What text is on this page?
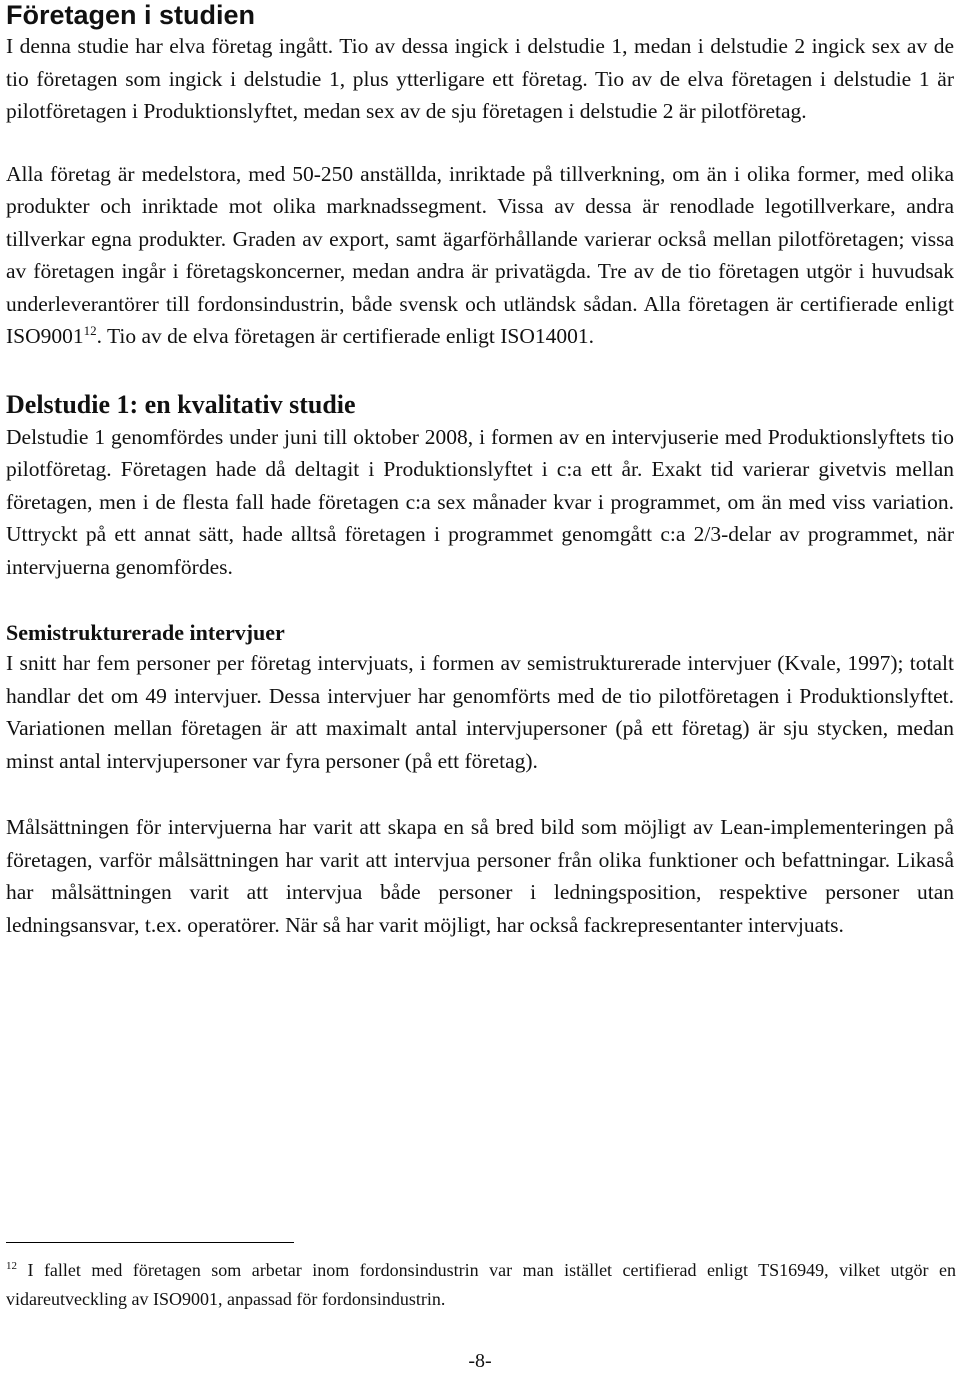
Företagen i studien

I denna studie har elva företag ingått. Tio av dessa ingick i delstudie 1, medan i delstudie 2 ingick sex av de tio företagen som ingick i delstudie 1, plus ytterligare ett företag. Tio av de elva företagen i delstudie 1 är pilotföretagen i Produktionslyftet, medan sex av de sju företagen i delstudie 2 är pilotföretag.

Alla företag är medelstora, med 50-250 anställda, inriktade på tillverkning, om än i olika former, med olika produkter och inriktade mot olika marknadssegment. Vissa av dessa är renodlade legotillverkare, andra tillverkar egna produkter. Graden av export, samt ägarförhållande varierar också mellan pilotföretagen; vissa av företagen ingår i företagskoncerner, medan andra är privatägda. Tre av de tio företagen utgör i huvudsak underleverantörer till fordonsindustrin, både svensk och utländsk sådan. Alla företagen är certifierade enligt ISO9001$^{12}$. Tio av de elva företagen är certifierade enligt ISO14001.

Delstudie 1: en kvalitativ studie

Delstudie 1 genomfördes under juni till oktober 2008, i formen av en intervjuserie med Produktionslyftets tio pilotföretag. Företagen hade då deltagit i Produktionslyftet i c:a ett år. Exakt tid varierar givetvis mellan företagen, men i de flesta fall hade företagen c:a sex månader kvar i programmet, om än med viss variation. Uttryckt på ett annat sätt, hade alltså företagen i programmet genomgått c:a 2/3-delar av programmet, när intervjuerna genomfördes.

Semistrukturerade intervjuer

I snitt har fem personer per företag intervjuats, i formen av semistrukturerade intervjuer (Kvale, 1997); totalt handlar det om 49 intervjuer. Dessa intervjuer har genomförts med de tio pilotföretagen i Produktionslyftet. Variationen mellan företagen är att maximalt antal intervjupersoner (på ett företag) är sju stycken, medan minst antal intervjupersoner var fyra personer (på ett företag).

Målsättningen för intervjuerna har varit att skapa en så bred bild som möjligt av Lean-implementeringen på företagen, varför målsättningen har varit att intervjua personer från olika funktioner och befattningar. Likaså har målsättningen varit att intervjua både personer i ledningsposition, respektive personer utan ledningsansvar, t.ex. operatörer. När så har varit möjligt, har också fackrepresentanter intervjuats.

$^{12}$ I fallet med företagen som arbetar inom fordonsindustrin var man istället certifierad enligt TS16949, vilket utgör en vidareutveckling av ISO9001, anpassad för fordonsindustrin.

-8-
